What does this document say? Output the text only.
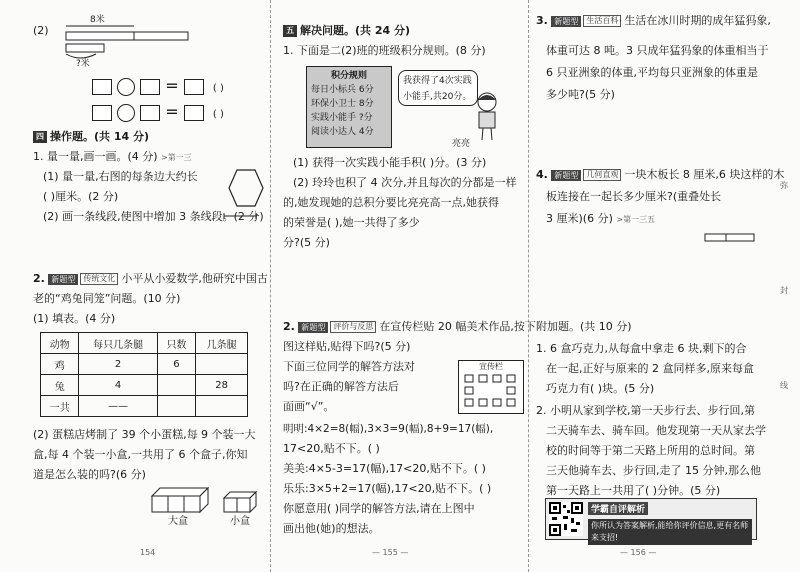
(2)
8米
?米
=	( )
=	( )
四 操作题。(共 14 分)
1. 量一量,画一画。(4 分) >第一三
(1) 量一量,右图的每条边大约长
( )厘米。(2 分)
(2) 画一条线段,使图中增加 3 条线段。(2 分)
2. 新题型 传统文化 小平从小爱数学,他研究中国古
老的“鸡兔同笼”问题。(10 分)
(1) 填表。(4 分)
动物	每只几条腿	只数	几条腿
鸡	2	6	
兔	4		28
一共	——		
(2) 蛋糕店烤制了 39 个小蛋糕,每 9 个装一大
盒,每 4 个装一小盒,一共用了 6 个盒子,你知
道是怎么装的吗?(6 分)
大盒	小盒
154
五 解决问题。(共 24 分)
1. 下面是二(2)班的班级积分规则。(8 分)
积分规则
每日小标兵 6分
环保小卫士 8分
实践小能手 ?分
阅读小达人 4分
我获得了4次实践
小能手,共20分。
亮亮
(1) 获得一次实践小能手积( )分。(3 分)
(2) 玲玲也积了 4 次分,并且每次的分都是一样
的,她发现她的总积分要比亮亮高一点,她获得
的荣誉是( ),她一共得了多少
分?(5 分)
2. 新题型 评价与反思 在宣传栏贴 20 幅美术作品,按下
图这样贴,贴得下吗?(5 分)
下面三位同学的解答方法对
吗?在正确的解答方法后
面画“√”。
宣传栏
明明:4×2=8(幅),3×3=9(幅),8+9=17(幅),
17<20,贴不下。( )
美美:4×5-3=17(幅),17<20,贴不下。( )
乐乐:3×5+2=17(幅),17<20,贴不下。( )
你愿意用( )同学的解答方法,请在上图中
画出他(她)的想法。
— 155 —
3. 新题型 生活百科 生活在冰川时期的成年猛犸象,
体重可达 8 吨。3 只成年猛犸象的体重相当于
6 只亚洲象的体重,平均每只亚洲象的体重是
多少吨?(5 分)
4. 新题型 几何直观 一块木板长 8 厘米,6 块这样的木
板连接在一起长多少厘米?(重叠处长
3 厘米)(6 分) >第一三五
附加题。(共 10 分)
1. 6 盒巧克力,从每盒中拿走 6 块,剩下的合
在一起,正好与原来的 2 盒同样多,原来每盒
巧克力有( )块。(5 分)
2. 小明从家到学校,第一天步行去、步行回,第
二天骑车去、骑车回。他发现第一天从家去学
校的时间等于第二天路上所用的总时间。第
三天他骑车去、步行回,走了 15 分钟,那么他
第一天路上一共用了( )分钟。(5 分)
学霸自评解析
你所认为答案解析,能给你评价信息,更有名师来支招!
— 156 —
弥
封
线
